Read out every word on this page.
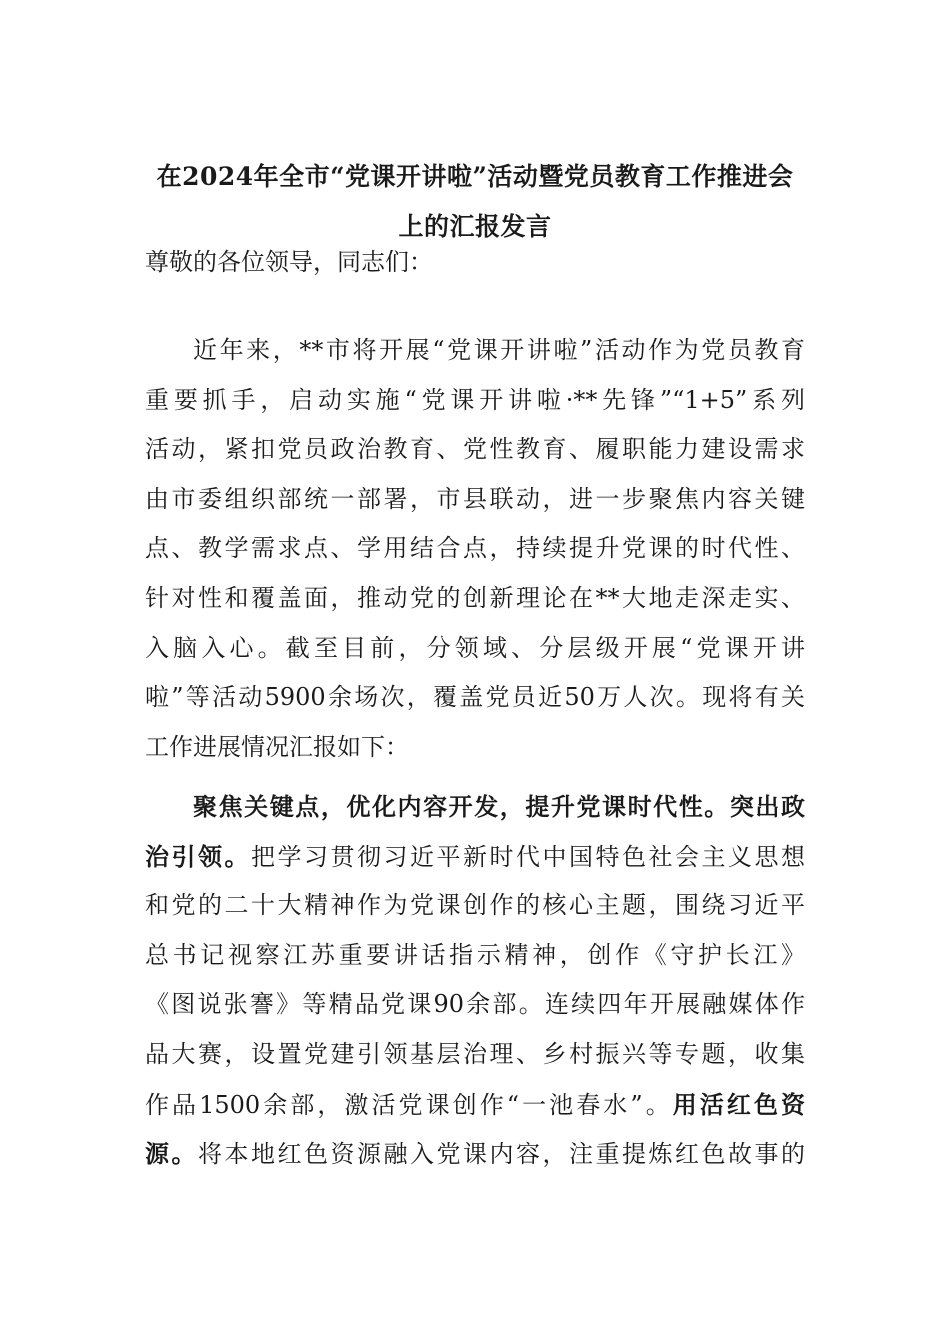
在2024年全市“党课开讲啦”活动暨党员教育工作推进会
上的汇报发言

尊敬的各位领导，同志们：

近年来，**市将开展“党课开讲啦”活动作为党员教育
重要抓手，启动实施“党课开讲啦·**先锋”“1+5”系列
活动，紧扣党员政治教育、党性教育、履职能力建设需求
由市委组织部统一部署，市县联动，进一步聚焦内容关键
点、教学需求点、学用结合点，持续提升党课的时代性、
针对性和覆盖面，推动党的创新理论在**大地走深走实、
入脑入心。截至目前，分领域、分层级开展“党课开讲
啦”等活动5900余场次，覆盖党员近50万人次。现将有关
工作进展情况汇报如下：

聚焦关键点，优化内容开发，提升党课时代性。突出政
治引领。把学习贯彻习近平新时代中国特色社会主义思想
和党的二十大精神作为党课创作的核心主题，围绕习近平
总书记视察江苏重要讲话指示精神，创作《守护长江》
《图说张謇》等精品党课90余部。连续四年开展融媒体作
品大赛，设置党建引领基层治理、乡村振兴等专题，收集
作品1500余部，激活党课创作“一池春水”。用活红色资
源。将本地红色资源融入党课内容，注重提炼红色故事的
